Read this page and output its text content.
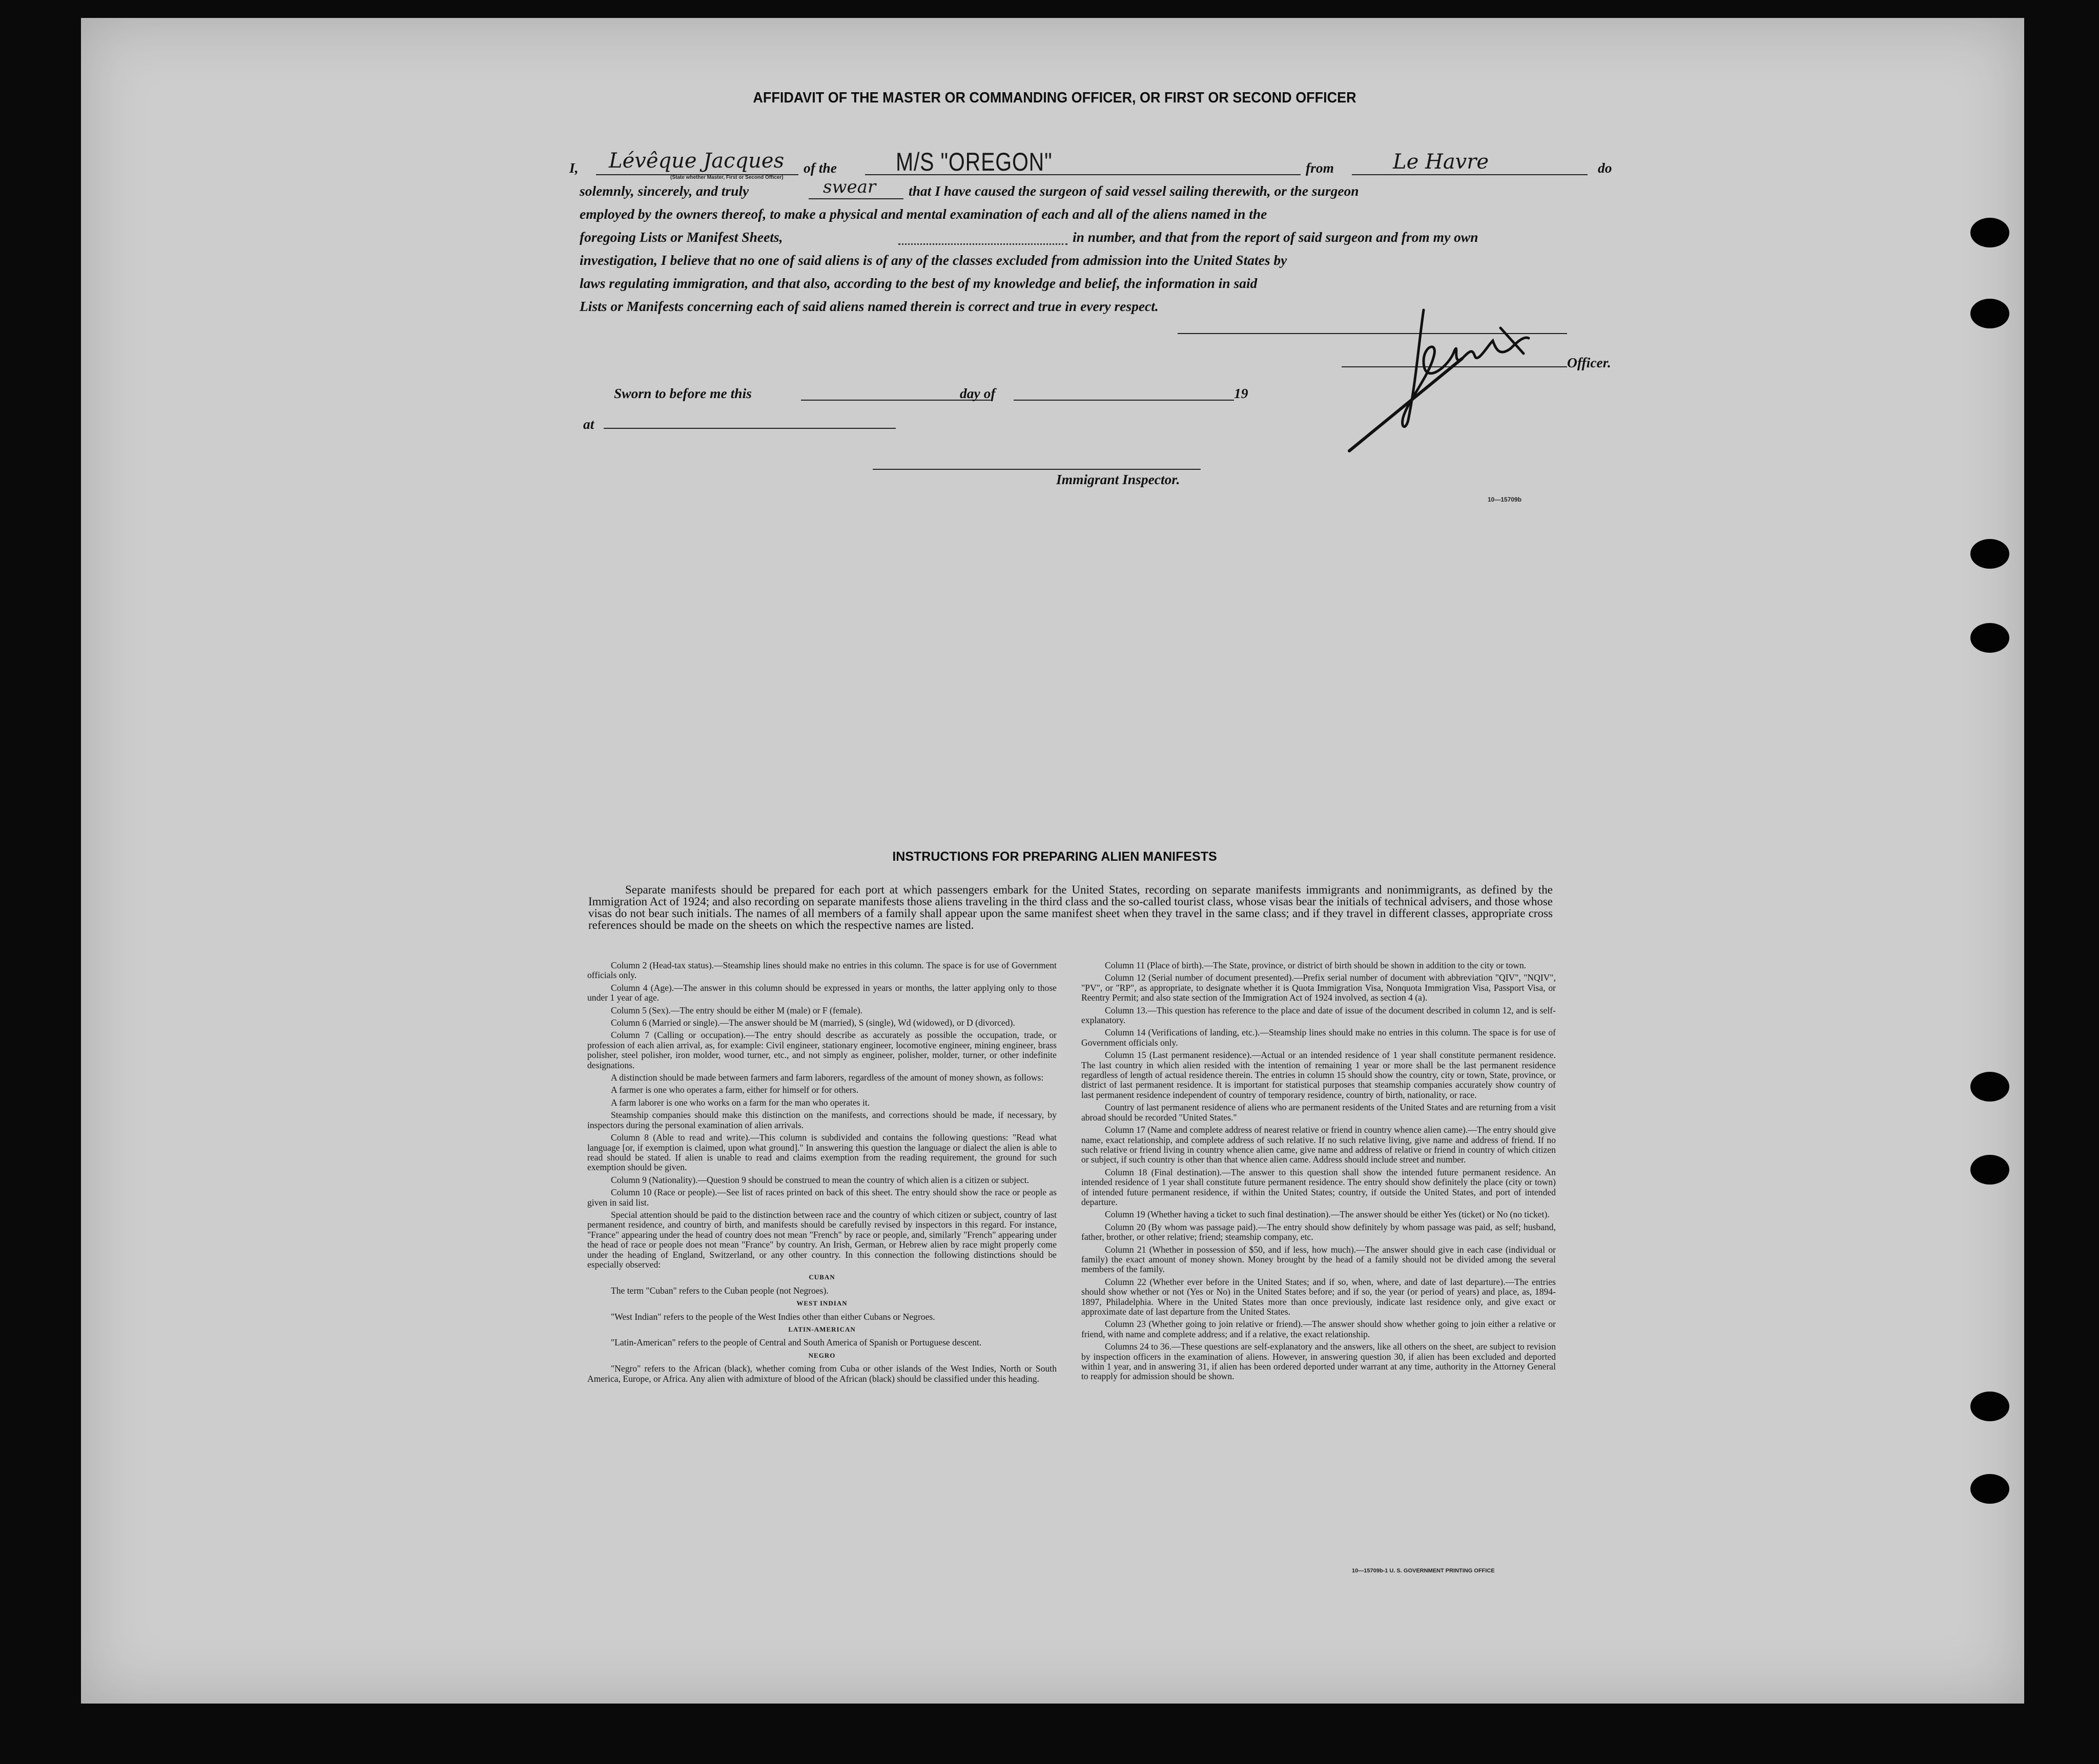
AFFIDAVIT OF THE MASTER OR COMMANDING OFFICER, OR FIRST OR SECOND OFFICER
I, Lévêque Jacques
(State whether Master, First or Second Officer)
of the M/S "OREGON"	from	Le Havre	do
solemnly, sincerely, and truly	swear that I have caused the surgeon of said vessel sailing therewith, or the surgeon
employed by the owners thereof, to make a physical and mental examination of each and all of the aliens named in the
foregoing Lists or Manifest Sheets,	in number, and that from the report of said surgeon and from my own
investigation, I believe that no one of said aliens is of any of the classes excluded from admission into the United States by
laws regulating immigration, and that also, according to the best of my knowledge and belief, the information in said
Lists or Manifests concerning each of said aliens named therein is correct and true in every respect.
Officer.
Sworn to before me this	day of	19
at
Immigrant Inspector.
10—15709b
INSTRUCTIONS FOR PREPARING ALIEN MANIFESTS

Separate manifests should be prepared for each port at which passengers embark for the United States, recording on separate manifests immigrants and nonimmigrants, as defined by the Immigration Act of 1924; and also recording on separate manifests those aliens traveling in the third class and the so-called tourist class, whose visas bear the initials of technical advisers, and those whose visas do not bear such initials. The names of all members of a family shall appear upon the same manifest sheet when they travel in the same class; and if they travel in different classes, appropriate cross references should be made on the sheets on which the respective names are listed.

Column 2 (Head-tax status).—Steamship lines should make no entries in this column. The space is for use of Government officials only.

Column 4 (Age).—The answer in this column should be expressed in years or months, the latter applying only to those under 1 year of age.

Column 5 (Sex).—The entry should be either M (male) or F (female).

Column 6 (Married or single).—The answer should be M (married), S (single), Wd (widowed), or D (divorced).

Column 7 (Calling or occupation).—The entry should describe as accurately as possible the occupation, trade, or profession of each alien arrival, as, for example: Civil engineer, stationary engineer, locomotive engineer, mining engineer, brass polisher, steel polisher, iron molder, wood turner, etc., and not simply as engineer, polisher, molder, turner, or other indefinite designations.

A distinction should be made between farmers and farm laborers, regardless of the amount of money shown, as follows:

A farmer is one who operates a farm, either for himself or for others.

A farm laborer is one who works on a farm for the man who operates it.

Steamship companies should make this distinction on the manifests, and corrections should be made, if necessary, by inspectors during the personal examination of alien arrivals.

Column 8 (Able to read and write).—This column is subdivided and contains the following questions: "Read what language [or, if exemption is claimed, upon what ground]." In answering this question the language or dialect the alien is able to read should be stated. If alien is unable to read and claims exemption from the reading requirement, the ground for such exemption should be given.

Column 9 (Nationality).—Question 9 should be construed to mean the country of which alien is a citizen or subject.

Column 10 (Race or people).—See list of races printed on back of this sheet. The entry should show the race or people as given in said list.

Special attention should be paid to the distinction between race and the country of which citizen or subject, country of last permanent residence, and country of birth, and manifests should be carefully revised by inspectors in this regard. For instance, "France" appearing under the head of country does not mean "French" by race or people, and, similarly "French" appearing under the head of race or people does not mean "France" by country. An Irish, German, or Hebrew alien by race might properly come under the heading of England, Switzerland, or any other country. In this connection the following distinctions should be especially observed:

CUBAN

The term "Cuban" refers to the Cuban people (not Negroes).

WEST INDIAN

"West Indian" refers to the people of the West Indies other than either Cubans or Negroes.

LATIN-AMERICAN

"Latin-American" refers to the people of Central and South America of Spanish or Portuguese descent.

NEGRO

"Negro" refers to the African (black), whether coming from Cuba or other islands of the West Indies, North or South America, Europe, or Africa. Any alien with admixture of blood of the African (black) should be classified under this heading.

Column 11 (Place of birth).—The State, province, or district of birth should be shown in addition to the city or town.

Column 12 (Serial number of document presented).—Prefix serial number of document with abbreviation "QIV", "NQIV", "PV", or "RP", as appropriate, to designate whether it is Quota Immigration Visa, Nonquota Immigration Visa, Passport Visa, or Reentry Permit; and also state section of the Immigration Act of 1924 involved, as section 4 (a).

Column 13.—This question has reference to the place and date of issue of the document described in column 12, and is self-explanatory.

Column 14 (Verifications of landing, etc.).—Steamship lines should make no entries in this column. The space is for use of Government officials only.

Column 15 (Last permanent residence).—Actual or an intended residence of 1 year shall constitute permanent residence. The last country in which alien resided with the intention of remaining 1 year or more shall be the last permanent residence regardless of length of actual residence therein. The entries in column 15 should show the country, city or town, State, province, or district of last permanent residence. It is important for statistical purposes that steamship companies accurately show country of last permanent residence independent of country of temporary residence, country of birth, nationality, or race.

Country of last permanent residence of aliens who are permanent residents of the United States and are returning from a visit abroad should be recorded "United States."

Column 17 (Name and complete address of nearest relative or friend in country whence alien came).—The entry should give name, exact relationship, and complete address of such relative. If no such relative living, give name and address of friend. If no such relative or friend living in country whence alien came, give name and address of relative or friend in country of which citizen or subject, if such country is other than that whence alien came. Address should include street and number.

Column 18 (Final destination).—The answer to this question shall show the intended future permanent residence. An intended residence of 1 year shall constitute future permanent residence. The entry should show definitely the place (city or town) of intended future permanent residence, if within the United States; country, if outside the United States, and port of intended departure.

Column 19 (Whether having a ticket to such final destination).—The answer should be either Yes (ticket) or No (no ticket).

Column 20 (By whom was passage paid).—The entry should show definitely by whom passage was paid, as self; husband, father, brother, or other relative; friend; steamship company, etc.

Column 21 (Whether in possession of $50, and if less, how much).—The answer should give in each case (individual or family) the exact amount of money shown. Money brought by the head of a family should not be divided among the several members of the family.

Column 22 (Whether ever before in the United States; and if so, when, where, and date of last departure).—The entries should show whether or not (Yes or No) in the United States before; and if so, the year (or period of years) and place, as, 1894-1897, Philadelphia. Where in the United States more than once previously, indicate last residence only, and give exact or approximate date of last departure from the United States.

Column 23 (Whether going to join relative or friend).—The answer should show whether going to join either a relative or friend, with name and complete address; and if a relative, the exact relationship.

Columns 24 to 36.—These questions are self-explanatory and the answers, like all others on the sheet, are subject to revision by inspection officers in the examination of aliens. However, in answering question 30, if alien has been excluded and deported within 1 year, and in answering 31, if alien has been ordered deported under warrant at any time, authority in the Attorney General to reapply for admission should be shown.

10—15709b-1 U. S. GOVERNMENT PRINTING OFFICE
